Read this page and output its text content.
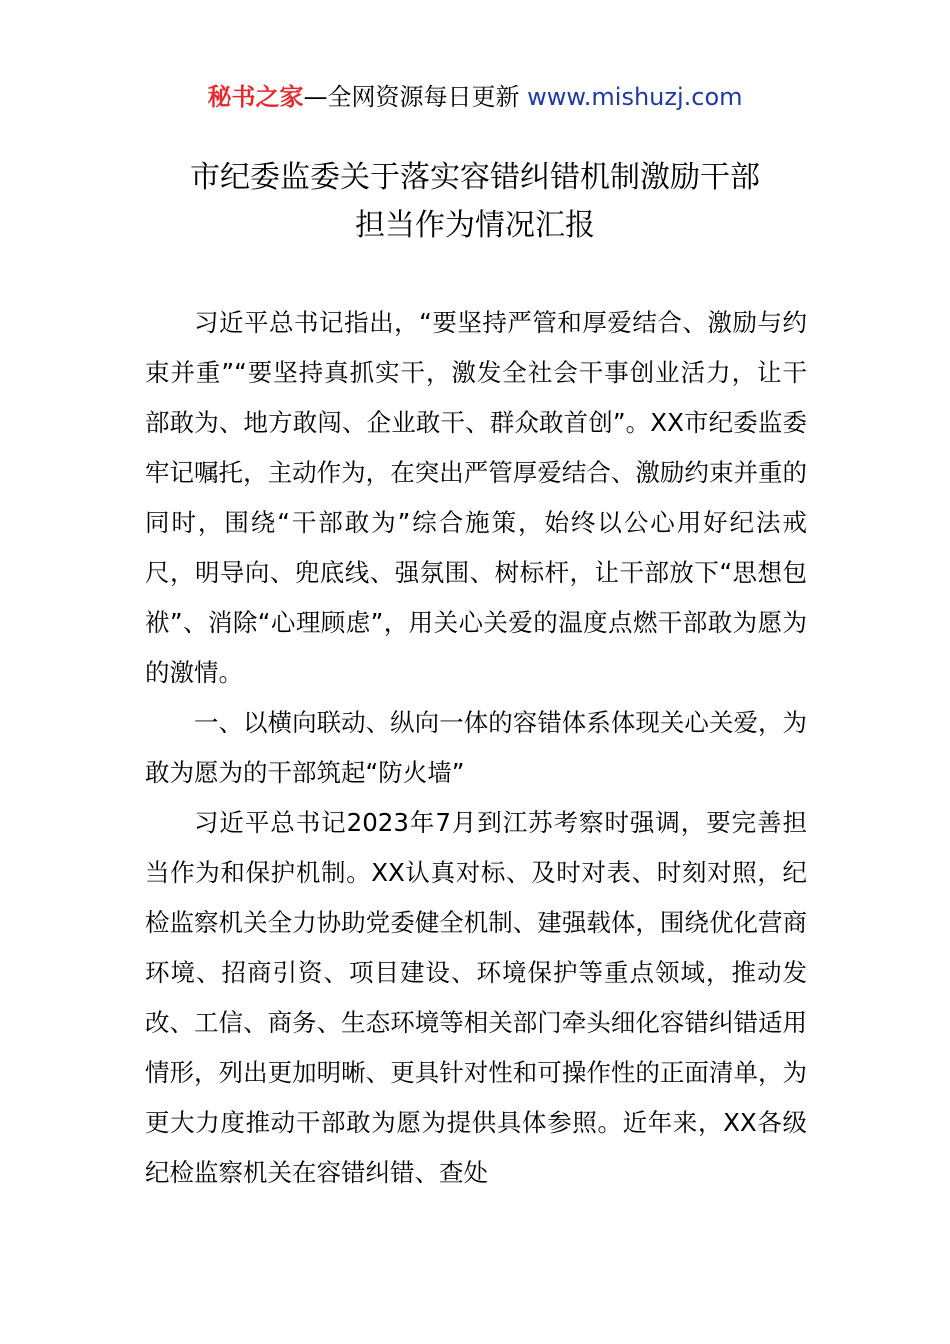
秘书之家—全网资源每日更新 www.mishuzj.com
市纪委监委关于落实容错纠错机制激励干部
担当作为情况汇报

习近平总书记指出，“要坚持严管和厚爱结合、激励与约束并重”“要坚持真抓实干，激发全社会干事创业活力，让干部敢为、地方敢闯、企业敢干、群众敢首创”。XX市纪委监委牢记嘱托，主动作为，在突出严管厚爱结合、激励约束并重的同时，围绕“干部敢为”综合施策，始终以公心用好纪法戒尺，明导向、兜底线、强氛围、树标杆，让干部放下“思想包袱”、消除“心理顾虑”，用关心关爱的温度点燃干部敢为愿为的激情。

一、以横向联动、纵向一体的容错体系体现关心关爱，为敢为愿为的干部筑起“防火墙”

习近平总书记2023年7月到江苏考察时强调，要完善担当作为和保护机制。XX认真对标、及时对表、时刻对照，纪检监察机关全力协助党委健全机制、建强载体，围绕优化营商环境、招商引资、项目建设、环境保护等重点领域，推动发改、工信、商务、生态环境等相关部门牵头细化容错纠错适用情形，列出更加明晰、更具针对性和可操作性的正面清单，为更大力度推动干部敢为愿为提供具体参照。近年来，XX各级纪检监察机关在容错纠错、查处
